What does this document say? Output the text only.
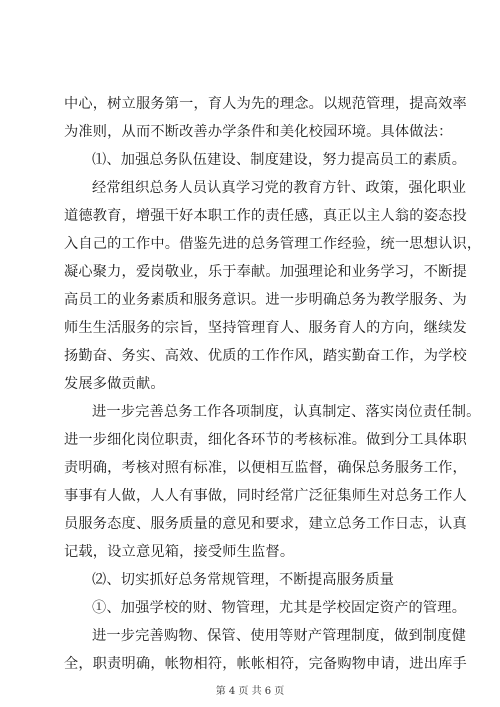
中心，树立服务第一，育人为先的理念。以规范管理，提高效率
为准则，从而不断改善办学条件和美化校园环境。具体做法：
⑴、加强总务队伍建设、制度建设，努力提高员工的素质。
经常组织总务人员认真学习党的教育方针、政策，强化职业
道德教育，增强干好本职工作的责任感，真正以主人翁的姿态投
入自己的工作中。借鉴先进的总务管理工作经验，统一思想认识，
凝心聚力，爱岗敬业，乐于奉献。加强理论和业务学习，不断提
高员工的业务素质和服务意识。进一步明确总务为教学服务、为
师生生活服务的宗旨，坚持管理育人、服务育人的方向，继续发
扬勤奋、务实、高效、优质的工作作风，踏实勤奋工作，为学校
发展多做贡献。
进一步完善总务工作各项制度，认真制定、落实岗位责任制。
进一步细化岗位职责，细化各环节的考核标准。做到分工具体职
责明确，考核对照有标准，以便相互监督，确保总务服务工作，
事事有人做，人人有事做，同时经常广泛征集师生对总务工作人
员服务态度、服务质量的意见和要求，建立总务工作日志，认真
记载，设立意见箱，接受师生监督。
⑵、切实抓好总务常规管理，不断提高服务质量
①、加强学校的财、物管理，尤其是学校固定资产的管理。
进一步完善购物、保管、使用等财产管理制度，做到制度健
全，职责明确，帐物相符，帐帐相符，完备购物申请，进出库手
第 4 页 共 6 页
